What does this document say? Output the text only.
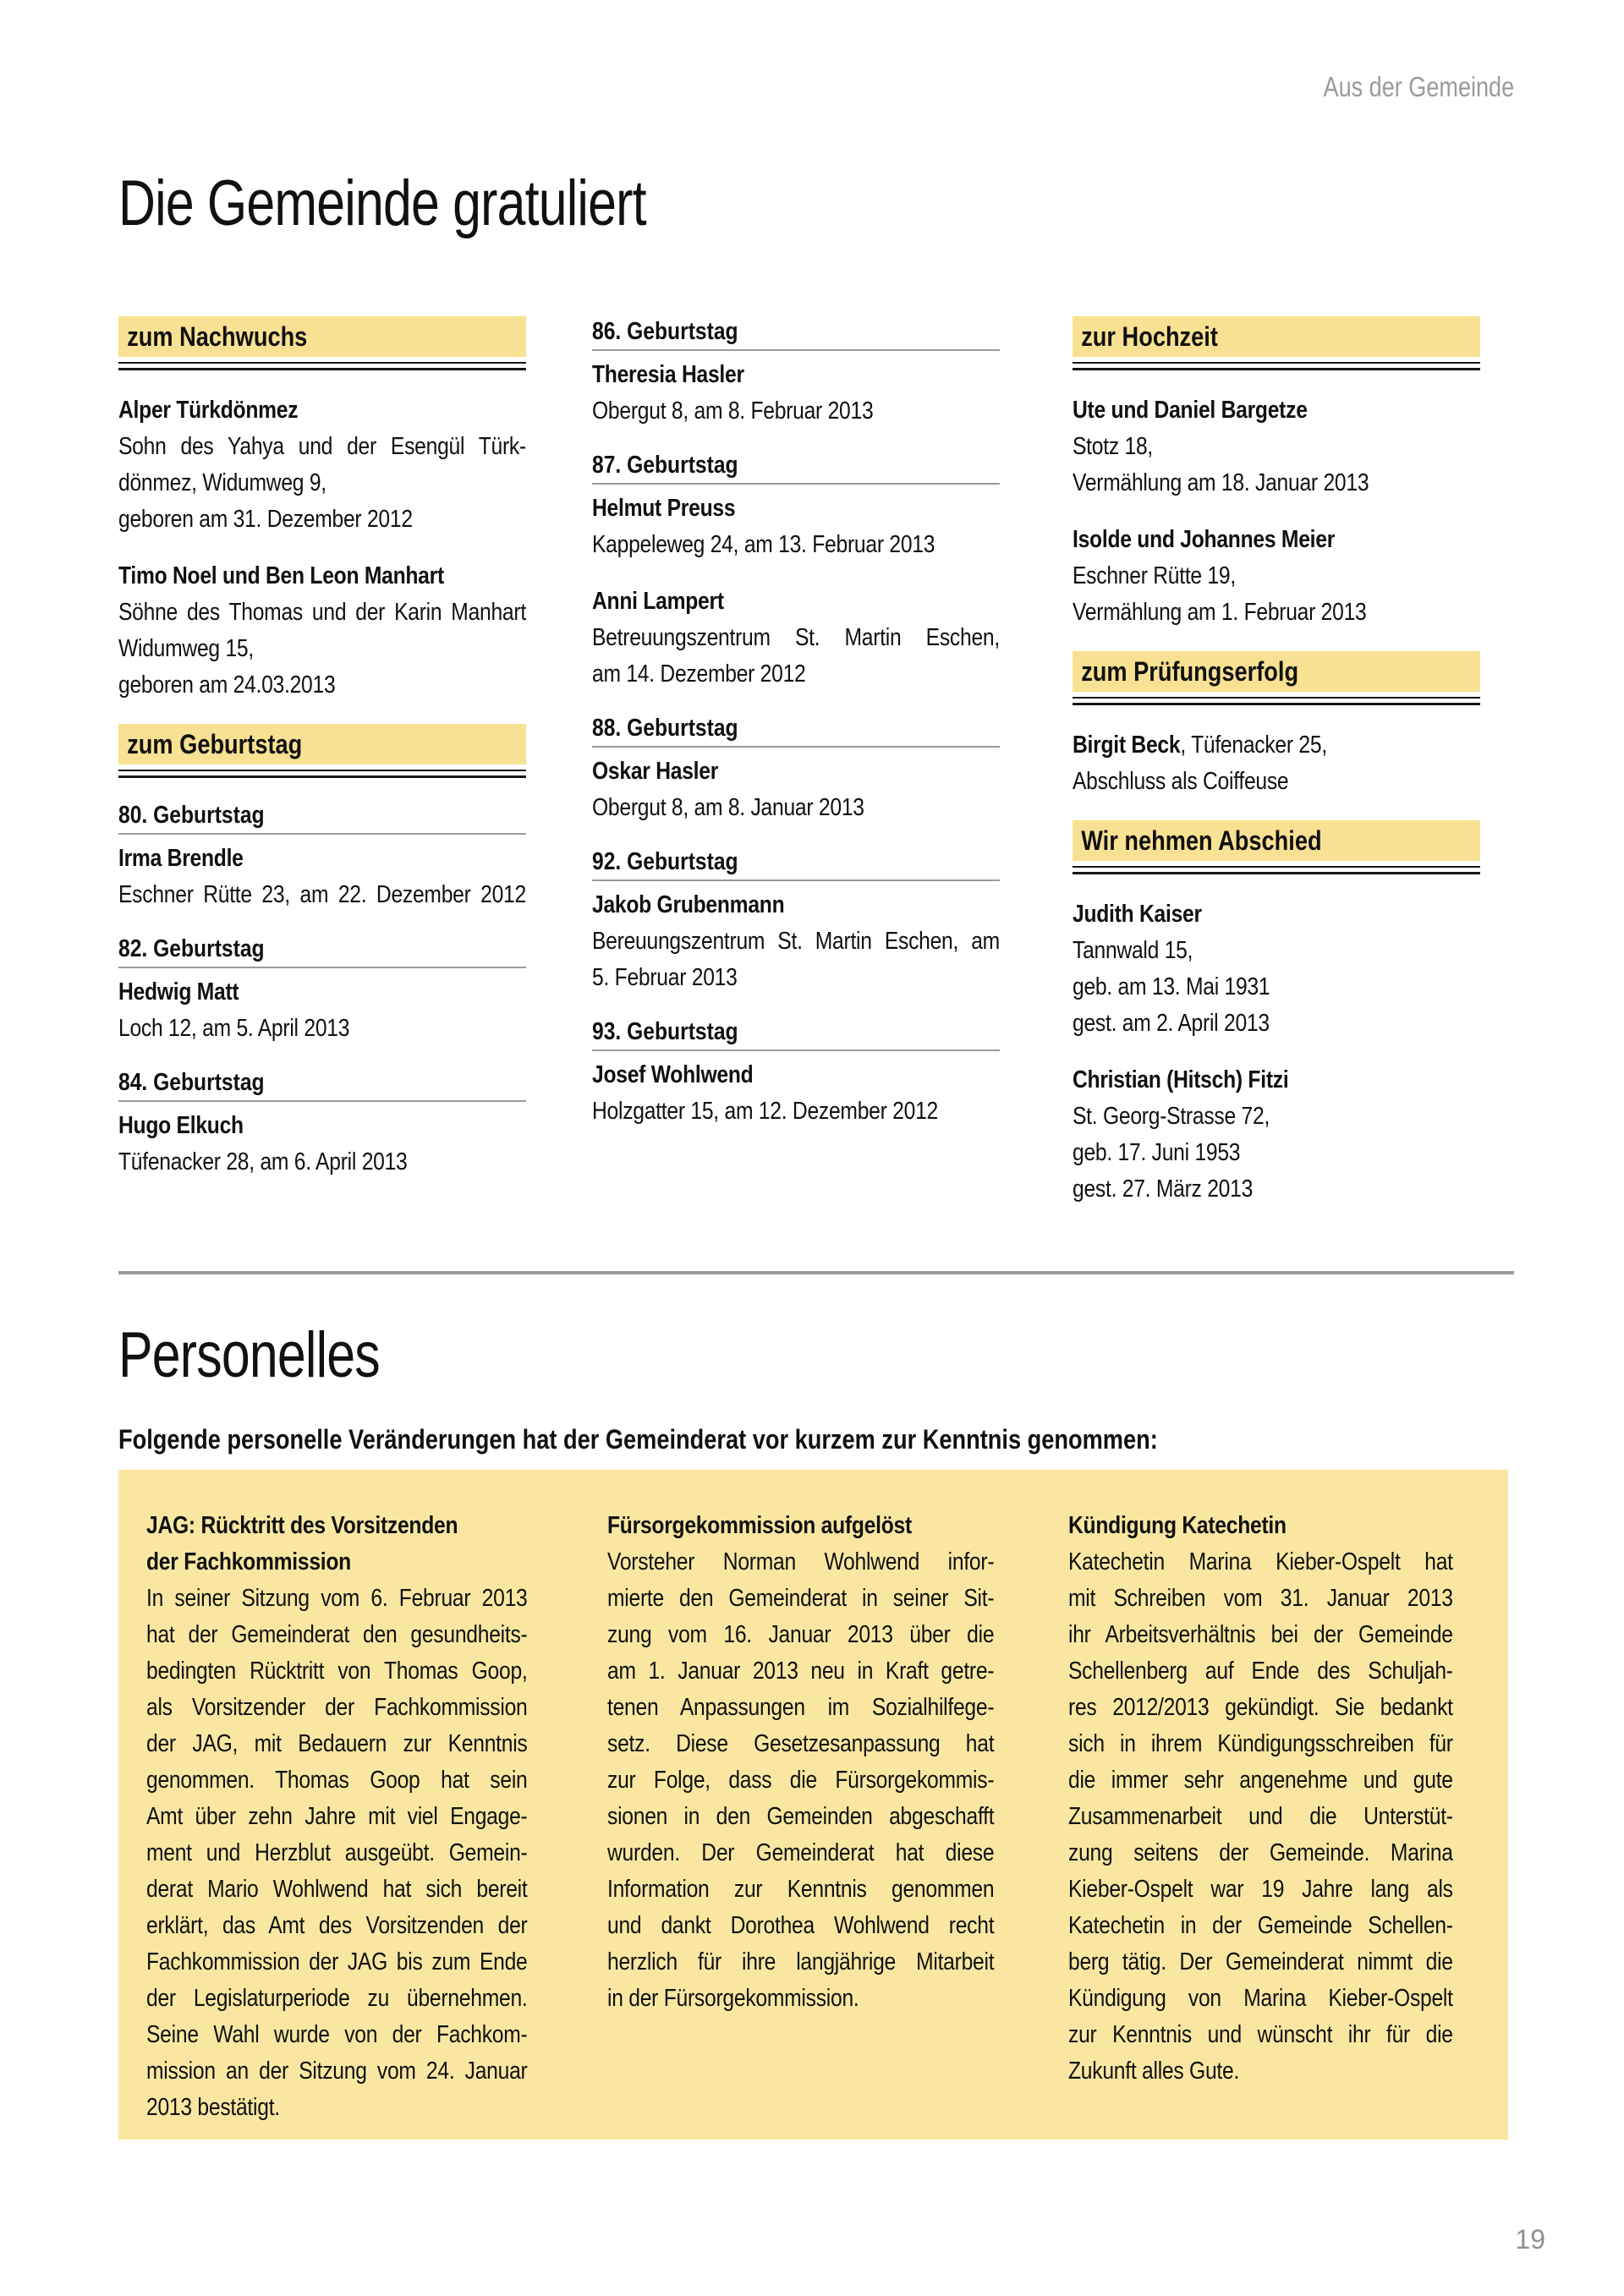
Aus der Gemeinde
Die Gemeinde gratuliert
zum Nachwuchs
Alper Türkdönmez
Sohn des Yahya und der Esengül Türk-
dönmez, Widumweg 9,
geboren am 31. Dezember 2012
Timo Noel und Ben Leon Manhart
Söhne des Thomas und der Karin Manhart
Widumweg 15,
geboren am 24.03.2013
zum Geburtstag
80. Geburtstag
Irma Brendle
Eschner Rütte 23, am 22. Dezember 2012
82. Geburtstag
Hedwig Matt
Loch 12, am 5. April 2013
84. Geburtstag
Hugo Elkuch
Tüfenacker 28, am 6. April 2013
86. Geburtstag
Theresia Hasler
Obergut 8, am 8. Februar 2013
87. Geburtstag
Helmut Preuss
Kappeleweg 24, am 13. Februar 2013
Anni Lampert
Betreuungszentrum St. Martin Eschen,
am 14. Dezember 2012
88. Geburtstag
Oskar Hasler
Obergut 8, am 8. Januar 2013
92. Geburtstag
Jakob Grubenmann
Bereuungszentrum St. Martin Eschen, am
5. Februar 2013
93. Geburtstag
Josef Wohlwend
Holzgatter 15, am 12. Dezember 2012
zur Hochzeit
Ute und Daniel Bargetze
Stotz 18,
Vermählung am 18. Januar 2013
Isolde und Johannes Meier
Eschner Rütte 19,
Vermählung am 1. Februar 2013
zum Prüfungserfolg
Birgit Beck, Tüfenacker 25,
Abschluss als Coiffeuse
Wir nehmen Abschied
Judith Kaiser
Tannwald 15,
geb. am 13. Mai 1931
gest. am 2. April 2013
Christian (Hitsch) Fitzi
St. Georg-Strasse 72,
geb. 17. Juni 1953
gest. 27. März 2013
Personelles
Folgende personelle Veränderungen hat der Gemeinderat vor kurzem zur Kenntnis genommen:
JAG: Rücktritt des Vorsitzenden
der Fachkommission
In seiner Sitzung vom 6. Februar 2013
hat der Gemeinderat den gesundheits-
bedingten Rücktritt von Thomas Goop,
als Vorsitzender der Fachkommission
der JAG, mit Bedauern zur Kenntnis
genommen. Thomas Goop hat sein
Amt über zehn Jahre mit viel Engage-
ment und Herzblut ausgeübt. Gemein-
derat Mario Wohlwend hat sich bereit
erklärt, das Amt des Vorsitzenden der
Fachkommission der JAG bis zum Ende
der Legislaturperiode zu übernehmen.
Seine Wahl wurde von der Fachkom-
mission an der Sitzung vom 24. Januar
2013 bestätigt.
Fürsorgekommission aufgelöst
Vorsteher Norman Wohlwend infor-
mierte den Gemeinderat in seiner Sit-
zung vom 16. Januar 2013 über die
am 1. Januar 2013 neu in Kraft getre-
tenen Anpassungen im Sozialhilfege-
setz. Diese Gesetzesanpassung hat
zur Folge, dass die Fürsorgekommis-
sionen in den Gemeinden abgeschafft
wurden. Der Gemeinderat hat diese
Information zur Kenntnis genommen
und dankt Dorothea Wohlwend recht
herzlich für ihre langjährige Mitarbeit
in der Fürsorgekommission.
Kündigung Katechetin
Katechetin Marina Kieber-Ospelt hat
mit Schreiben vom 31. Januar 2013
ihr Arbeitsverhältnis bei der Gemeinde
Schellenberg auf Ende des Schuljah-
res 2012/2013 gekündigt. Sie bedankt
sich in ihrem Kündigungsschreiben für
die immer sehr angenehme und gute
Zusammenarbeit und die Unterstüt-
zung seitens der Gemeinde. Marina
Kieber-Ospelt war 19 Jahre lang als
Katechetin in der Gemeinde Schellen-
berg tätig. Der Gemeinderat nimmt die
Kündigung von Marina Kieber-Ospelt
zur Kenntnis und wünscht ihr für die
Zukunft alles Gute.
19
